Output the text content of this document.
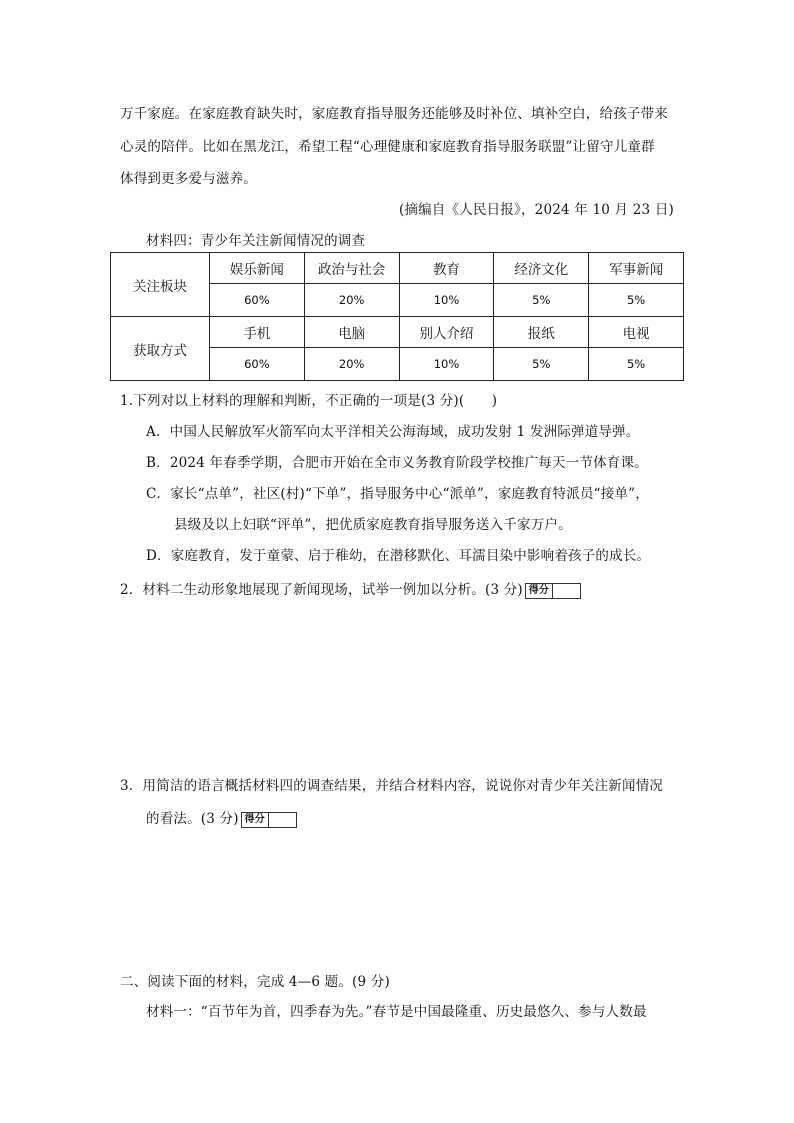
万千家庭。在家庭教育缺失时，家庭教育指导服务还能够及时补位、填补空白，给孩子带来
心灵的陪伴。比如在黑龙江，希望工程“心理健康和家庭教育指导服务联盟”让留守儿童群
体得到更多爱与滋养。
(摘编自《人民日报》，2024 年 10 月 23 日)
材料四：青少年关注新闻情况的调查
关注板块	娱乐新闻	政治与社会	教育	经济文化	军事新闻
	60%	20%	10%	5%	5%
获取方式	手机	电脑	别人介绍	报纸	电视
	60%	20%	10%	5%	5%
1.下列对以上材料的理解和判断，不正确的一项是(3 分)(　　)
A．中国人民解放军火箭军向太平洋相关公海海域，成功发射 1 发洲际弹道导弹。
B．2024 年春季学期，合肥市开始在全市义务教育阶段学校推广每天一节体育课。
C．家长“点单”，社区(村)“下单”，指导服务中心“派单”，家庭教育特派员“接单”，
县级及以上妇联“评单”，把优质家庭教育指导服务送入千家万户。
D．家庭教育，发于童蒙、启于稚幼，在潜移默化、耳濡目染中影响着孩子的成长。
2．材料二生动形象地展现了新闻现场，试举一例加以分析。(3 分) 得分
3．用简洁的语言概括材料四的调查结果，并结合材料内容，说说你对青少年关注新闻情况
的看法。(3 分) 得分
二、阅读下面的材料，完成 4—6 题。(9 分)
材料一：“百节年为首，四季春为先。”春节是中国最隆重、历史最悠久、参与人数最
